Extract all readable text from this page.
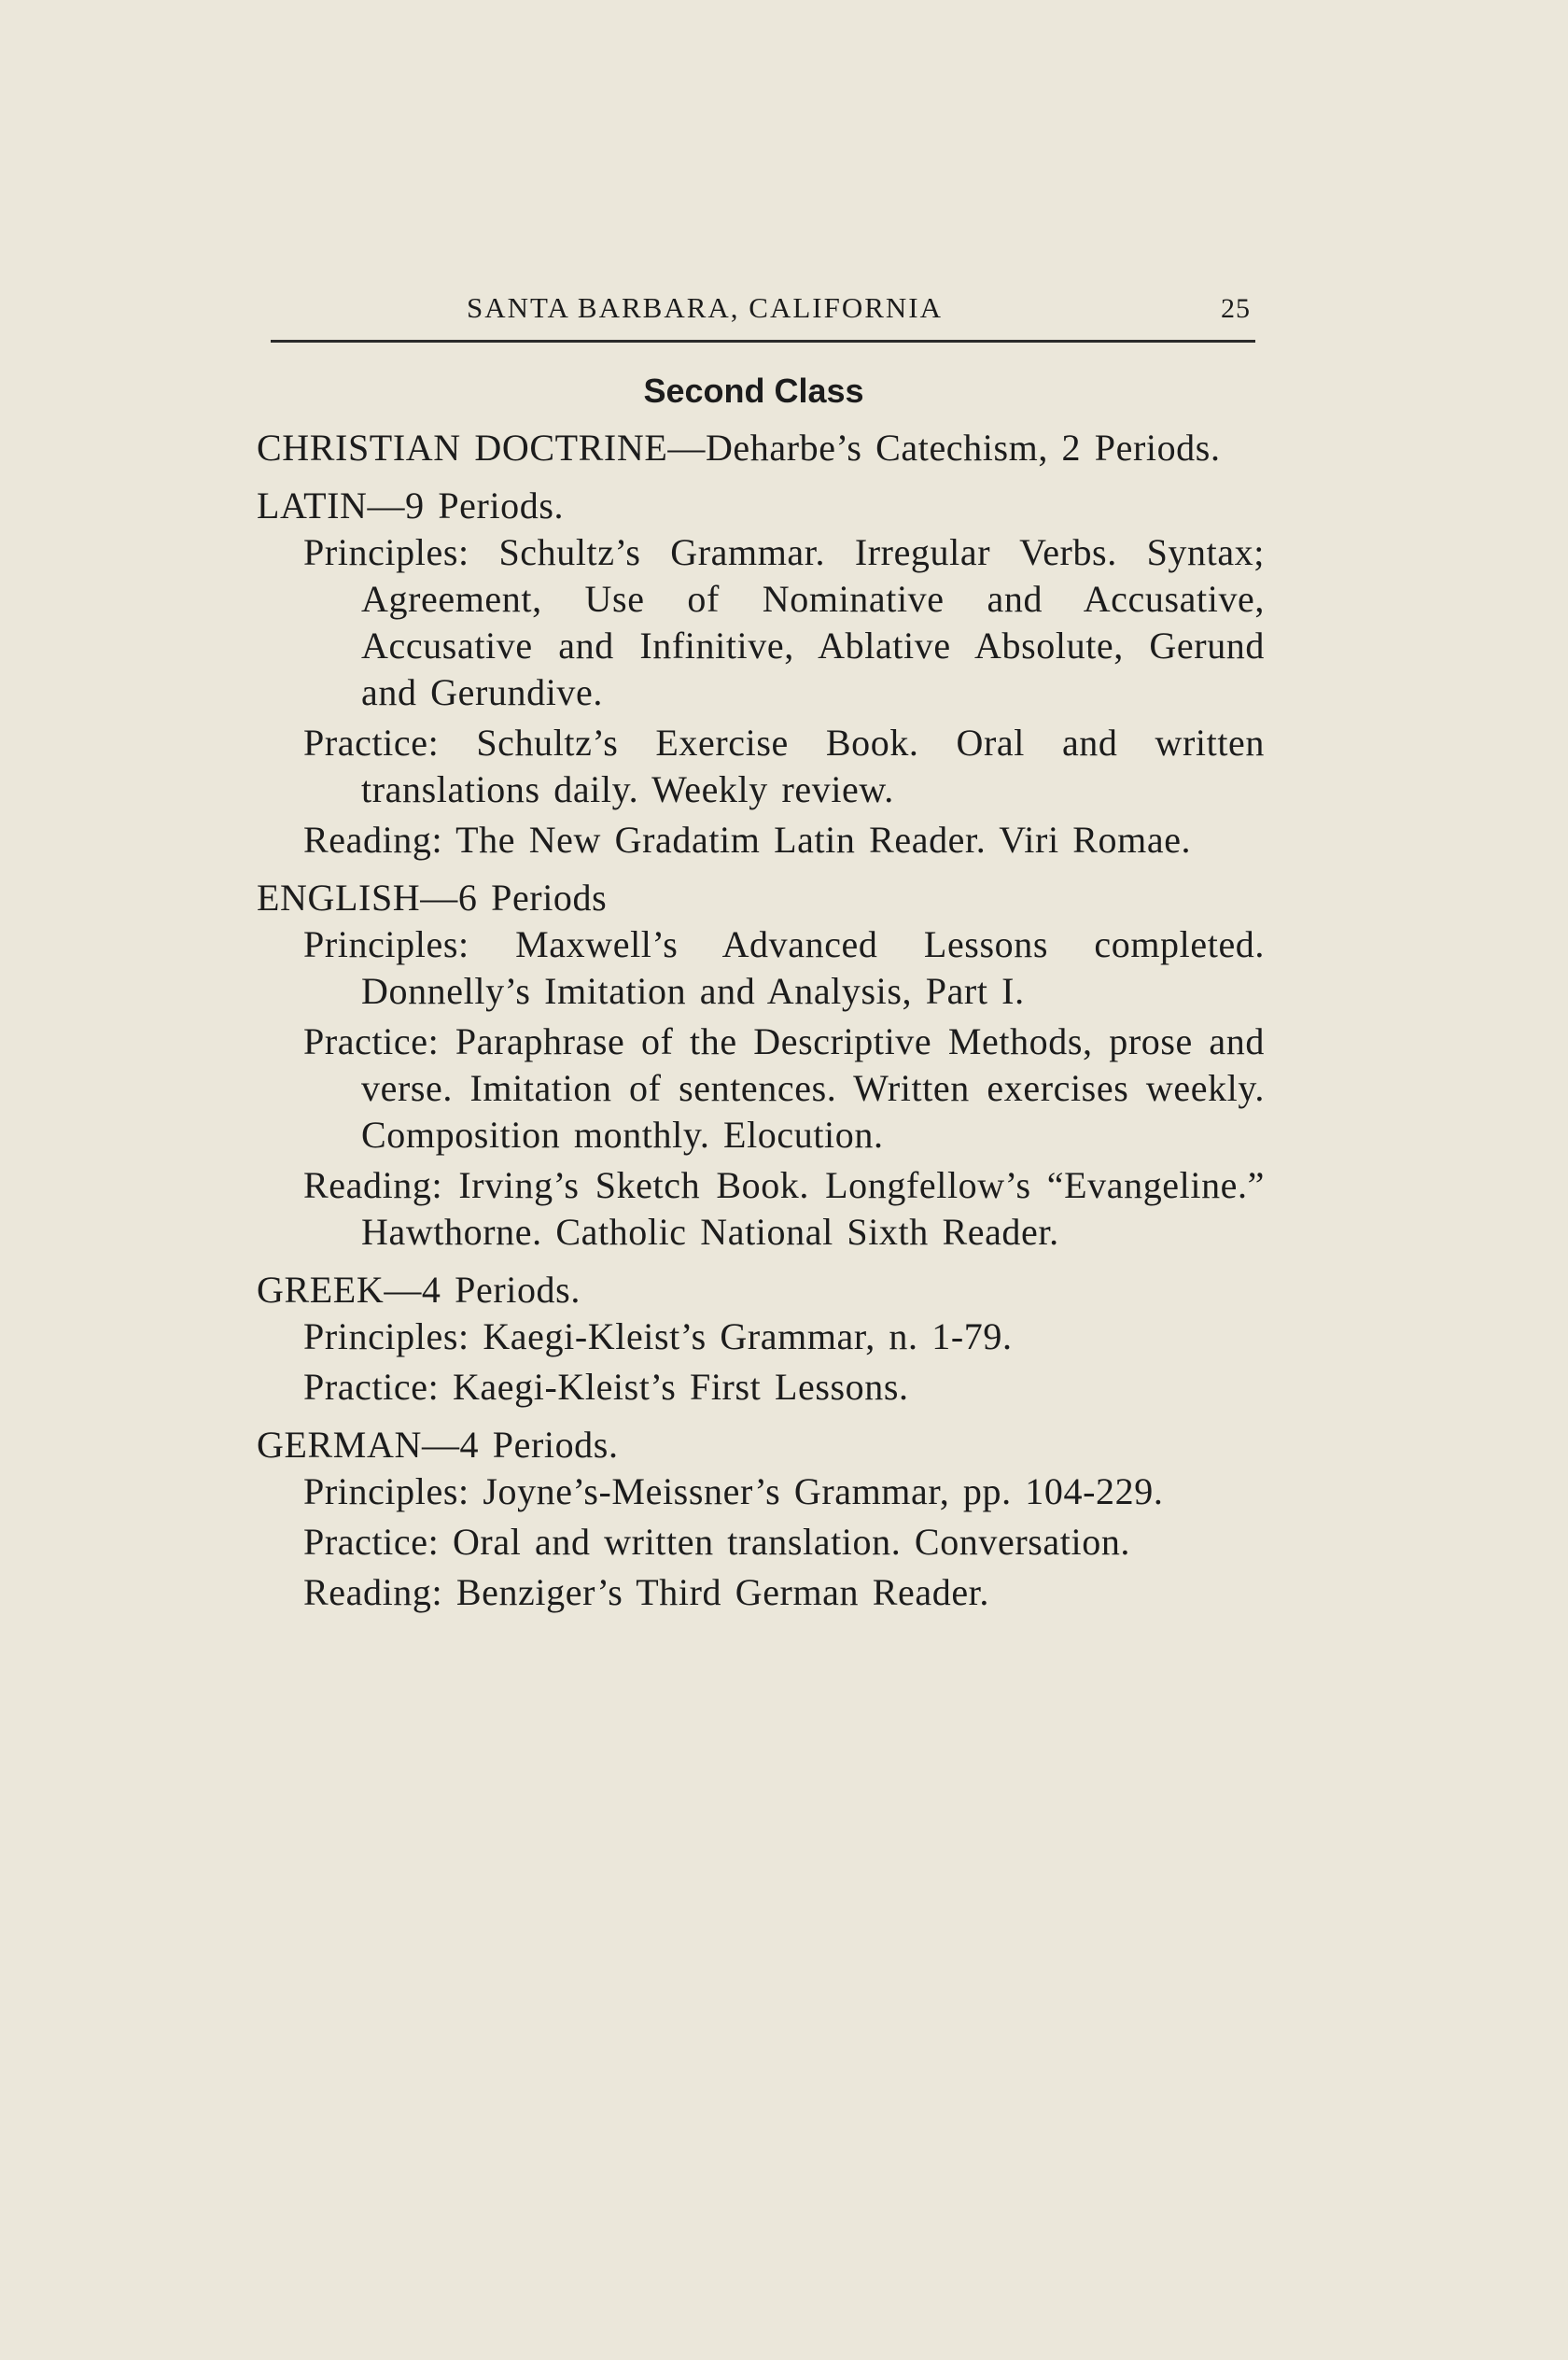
SANTA BARBARA, CALIFORNIA	25
Second Class

CHRISTIAN DOCTRINE—Deharbe’s Catechism, 2 Periods.

LATIN—9 Periods.

Principles: Schultz’s Grammar. Irregular Verbs. Syntax; Agreement, Use of Nominative and Accusative, Accusative and Infinitive, Ablative Absolute, Gerund and Gerundive.

Practice: Schultz’s Exercise Book. Oral and written translations daily. Weekly review.

Reading: The New Gradatim Latin Reader. Viri Romae.

ENGLISH—6 Periods

Principles: Maxwell’s Advanced Lessons completed. Donnelly’s Imitation and Analysis, Part I.

Practice: Paraphrase of the Descriptive Methods, prose and verse. Imitation of sentences. Written exercises weekly. Composition monthly. Elocution.

Reading: Irving’s Sketch Book. Longfellow’s “Evangeline.” Hawthorne. Catholic National Sixth Reader.

GREEK—4 Periods.

Principles: Kaegi-Kleist’s Grammar, n. 1-79.

Practice: Kaegi-Kleist’s First Lessons.

GERMAN—4 Periods.

Principles: Joyne’s-Meissner’s Grammar, pp. 104-229.

Practice: Oral and written translation. Conversation.

Reading: Benziger’s Third German Reader.
